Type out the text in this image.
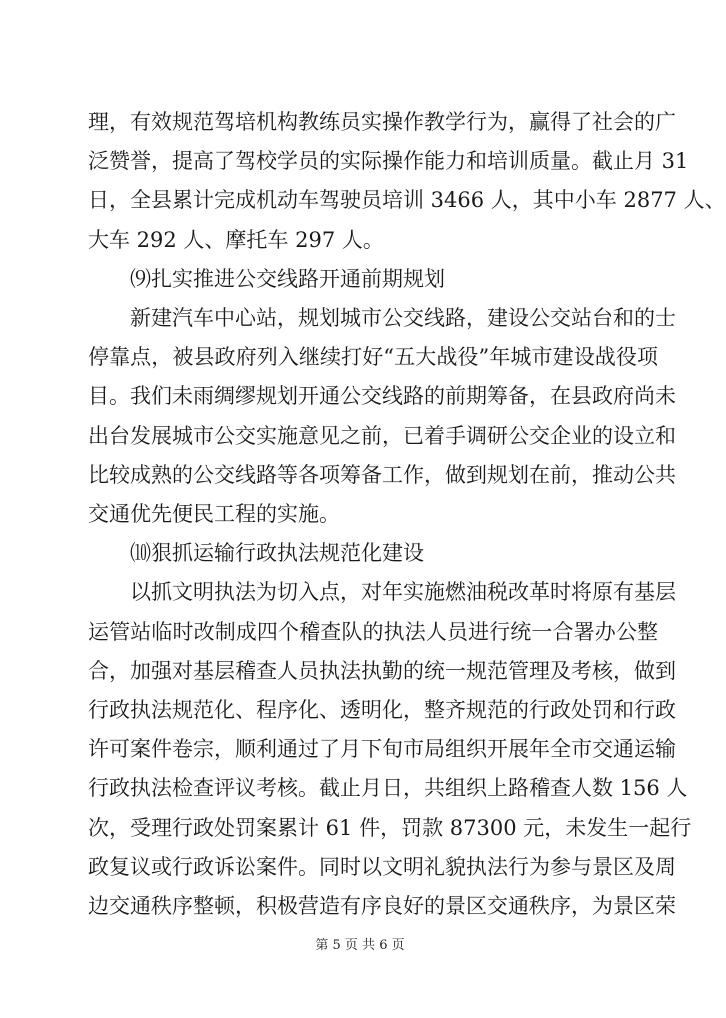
理，有效规范驾培机构教练员实操作教学行为，赢得了社会的广
泛赞誉，提高了驾校学员的实际操作能力和培训质量。截止月 31
日，全县累计完成机动车驾驶员培训 3466 人，其中小车 2877 人、
大车 292 人、摩托车 297 人。
⑼扎实推进公交线路开通前期规划
新建汽车中心站，规划城市公交线路，建设公交站台和的士
停靠点，被县政府列入继续打好“五大战役”年城市建设战役项
目。我们未雨绸缪规划开通公交线路的前期筹备，在县政府尚未
出台发展城市公交实施意见之前，已着手调研公交企业的设立和
比较成熟的公交线路等各项筹备工作，做到规划在前，推动公共
交通优先便民工程的实施。
⑽狠抓运输行政执法规范化建设
以抓文明执法为切入点，对年实施燃油税改革时将原有基层
运管站临时改制成四个稽查队的执法人员进行统一合署办公整
合，加强对基层稽查人员执法执勤的统一规范管理及考核，做到
行政执法规范化、程序化、透明化，整齐规范的行政处罚和行政
许可案件卷宗，顺利通过了月下旬市局组织开展年全市交通运输
行政执法检查评议考核。截止月日，共组织上路稽查人数 156 人
次，受理行政处罚案累计 61 件，罚款 87300 元，未发生一起行
政复议或行政诉讼案件。同时以文明礼貌执法行为参与景区及周
边交通秩序整顿，积极营造有序良好的景区交通秩序，为景区荣
第 5 页 共 6 页
